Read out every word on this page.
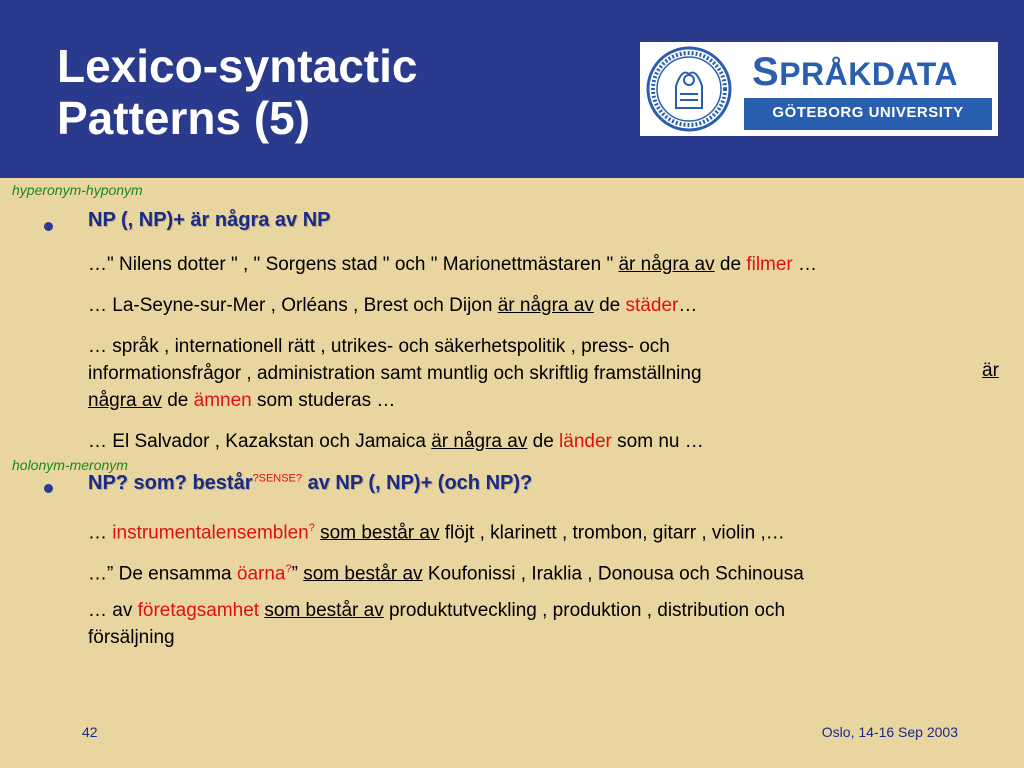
Lexico-syntactic
Patterns (5)
SPRÅKDATA
GÖTEBORG UNIVERSITY
hyperonym-hyponym
NP (, NP)+ är några av NP

…" Nilens dotter " , " Sorgens stad " och " Marionettmästaren " är några av de filmer …

… La-Seyne-sur-Mer , Orléans , Brest och Dijon är några av de städer…

… språk , internationell rätt , utrikes- och säkerhetspolitik , press- och
informationsfrågor , administration samt muntlig och skriftlig framställning
några av de ämnen som studeras …

är

… El Salvador , Kazakstan och Jamaica är några av de länder som nu …

holonym-meronym
NP? som? består$^{?SENSE?}$ av NP (, NP)+ (och NP)?

… instrumentalensemblen? som består av flöjt , klarinett , trombon, gitarr , violin ,…

…” De ensamma öarna?” som består av Koufonissi , Iraklia , Donousa och Schinousa

… av företagsamhet som består av produktutveckling , produktion , distribution och
försäljning

42	Oslo, 14-16 Sep 2003
